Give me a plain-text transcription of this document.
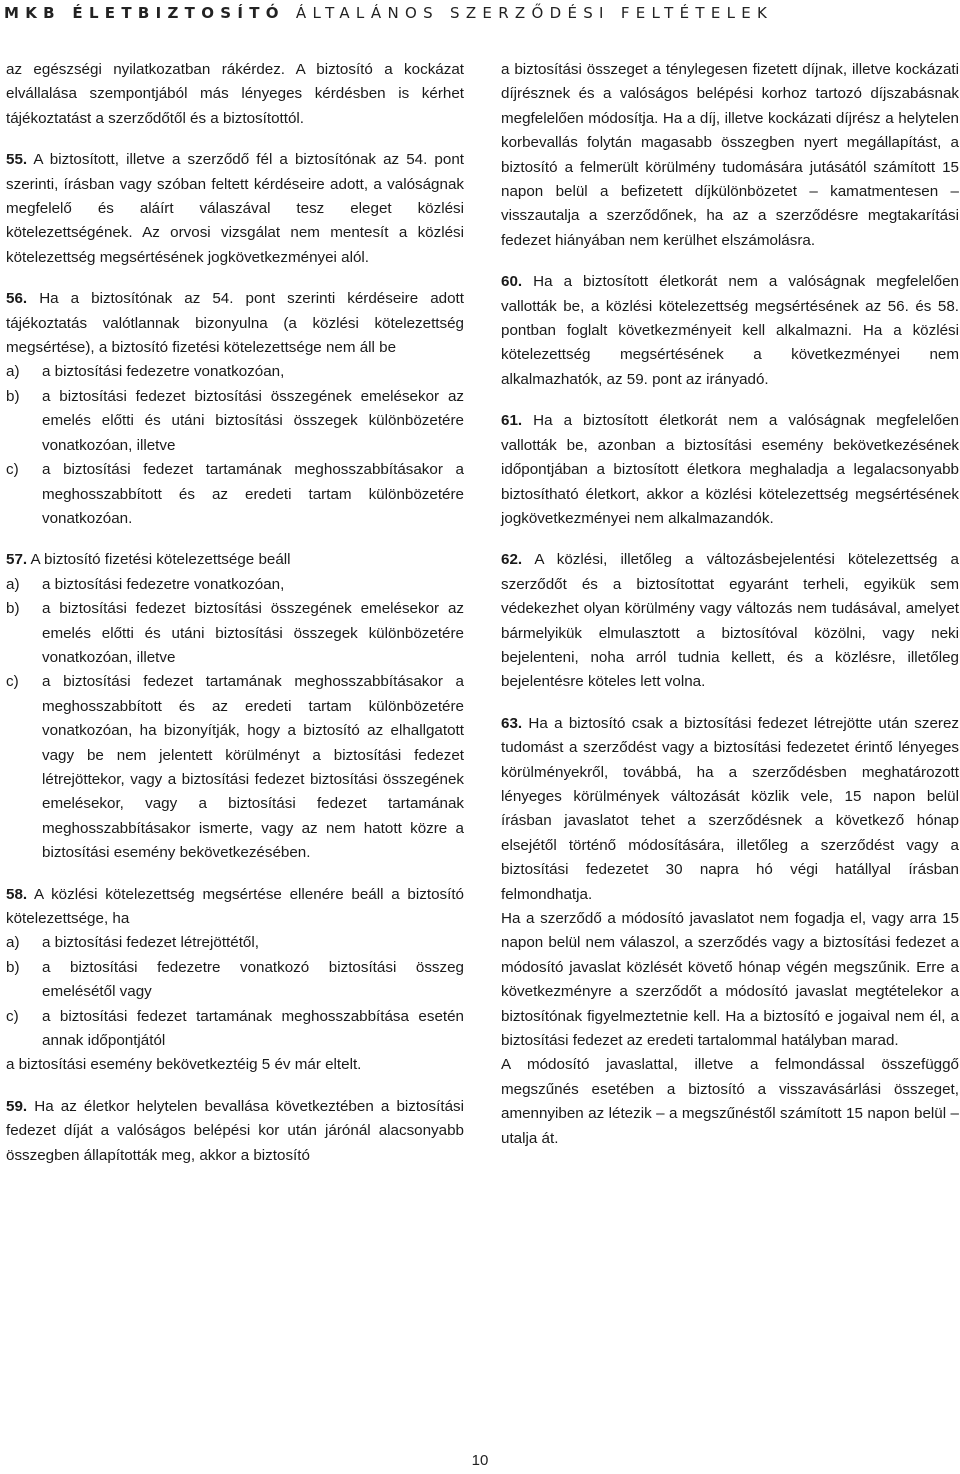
MKB ÉLETBIZTOSÍTÓ ÁLTALÁNOS SZERZŐDÉSI FELTÉTELEK

az egészségi nyilatkozatban rákérdez. A biztosító a kockázat elvállalása szempontjából más lényeges kérdésben is kérhet tájékoztatást a szerződőtől és a biztosítottól.

55. A biztosított, illetve a szerződő fél a biztosítónak az 54. pont szerinti, írásban vagy szóban feltett kérdéseire adott, a valóságnak megfelelő és aláírt válaszával tesz eleget közlési kötelezettségének. Az orvosi vizsgálat nem mentesít a közlési kötelezettség megsértésének jogkövetkezményei alól.

56. Ha a biztosítónak az 54. pont szerinti kérdéseire adott tájékoztatás valótlannak bizonyulna (a közlési kötelezettség megsértése), a biztosító fizetési kötelezettsége nem áll be

a) a biztosítási fedezetre vonatkozóan,
b) a biztosítási fedezet biztosítási összegének emelésekor az emelés előtti és utáni biztosítási összegek különbözetére vonatkozóan, illetve
c) a biztosítási fedezet tartamának meghosszabbításakor a meghosszabbított és az eredeti tartam különbözetére vonatkozóan.

57. A biztosító fizetési kötelezettsége beáll

a) a biztosítási fedezetre vonatkozóan,
b) a biztosítási fedezet biztosítási összegének emelésekor az emelés előtti és utáni biztosítási összegek különbözetére vonatkozóan, illetve
c) a biztosítási fedezet tartamának meghosszabbításakor a meghosszabbított és az eredeti tartam különbözetére vonatkozóan, ha bizonyítják, hogy a biztosító az elhallgatott vagy be nem jelentett körülményt a biztosítási fedezet létrejöttekor, vagy a biztosítási fedezet biztosítási összegének emelésekor, vagy a biztosítási fedezet tartamának meghosszabbításakor ismerte, vagy az nem hatott közre a biztosítási esemény bekövetkezésében.

58. A közlési kötelezettség megsértése ellenére beáll a biztosító kötelezettsége, ha

a) a biztosítási fedezet létrejöttétől,
b) a biztosítási fedezetre vonatkozó biztosítási összeg emelésétől vagy
c) a biztosítási fedezet tartamának meghosszabbítása esetén annak időpontjától

a biztosítási esemény bekövetkeztéig 5 év már eltelt.

59. Ha az életkor helytelen bevallása következtében a biztosítási fedezet díját a valóságos belépési kor után járónál alacsonyabb összegben állapították meg, akkor a biztosító

a biztosítási összeget a ténylegesen fizetett díjnak, illetve kockázati díjrésznek és a valóságos belépési korhoz tartozó díjszabásnak megfelelően módosítja. Ha a díj, illetve kockázati díjrész a helytelen korbevallás folytán magasabb összegben nyert megállapítást, a biztosító a felmerült körülmény tudomására jutásától számított 15 napon belül a befizetett díjkülönbözetet – kamatmentesen – visszautalja a szerződőnek, ha az a szerződésre megtakarítási fedezet hiányában nem kerülhet elszámolásra.

60. Ha a biztosított életkorát nem a valóságnak megfelelően vallották be, a közlési kötelezettség megsértésének az 56. és 58. pontban foglalt következményeit kell alkalmazni. Ha a közlési kötelezettség megsértésének a következményei nem alkalmazhatók, az 59. pont az irányadó.

61. Ha a biztosított életkorát nem a valóságnak megfelelően vallották be, azonban a biztosítási esemény bekövetkezésének időpontjában a biztosított életkora meghaladja a legalacsonyabb biztosítható életkort, akkor a közlési kötelezettség megsértésének jogkövetkezményei nem alkalmazandók.

62. A közlési, illetőleg a változásbejelentési kötelezettség a szerződőt és a biztosítottat egyaránt terheli, egyikük sem védekezhet olyan körülmény vagy változás nem tudásával, amelyet bármelyikük elmulasztott a biztosítóval közölni, vagy neki bejelenteni, noha arról tudnia kellett, és a közlésre, illetőleg bejelentésre köteles lett volna.

63. Ha a biztosító csak a biztosítási fedezet létrejötte után szerez tudomást a szerződést vagy a biztosítási fedezetet érintő lényeges körülményekről, továbbá, ha a szerződésben meghatározott lényeges körülmények változását közlik vele, 15 napon belül írásban javaslatot tehet a szerződésnek a következő hónap elsejétől történő módosítására, illetőleg a szerződést vagy a biztosítási fedezetet 30 napra hó végi hatállyal írásban felmondhatja.

Ha a szerződő a módosító javaslatot nem fogadja el, vagy arra 15 napon belül nem válaszol, a szerződés vagy a biztosítási fedezet a módosító javaslat közlését követő hónap végén megszűnik. Erre a következményre a szerződőt a módosító javaslat megtételekor a biztosítónak figyelmeztetnie kell. Ha a biztosító e jogaival nem él, a biztosítási fedezet az eredeti tartalommal hatályban marad.

A módosító javaslattal, illetve a felmondással összefüggő megszűnés esetében a biztosító a visszavásárlási összeget, amennyiben az létezik – a megszűnéstől számított 15 napon belül – utalja át.

10
